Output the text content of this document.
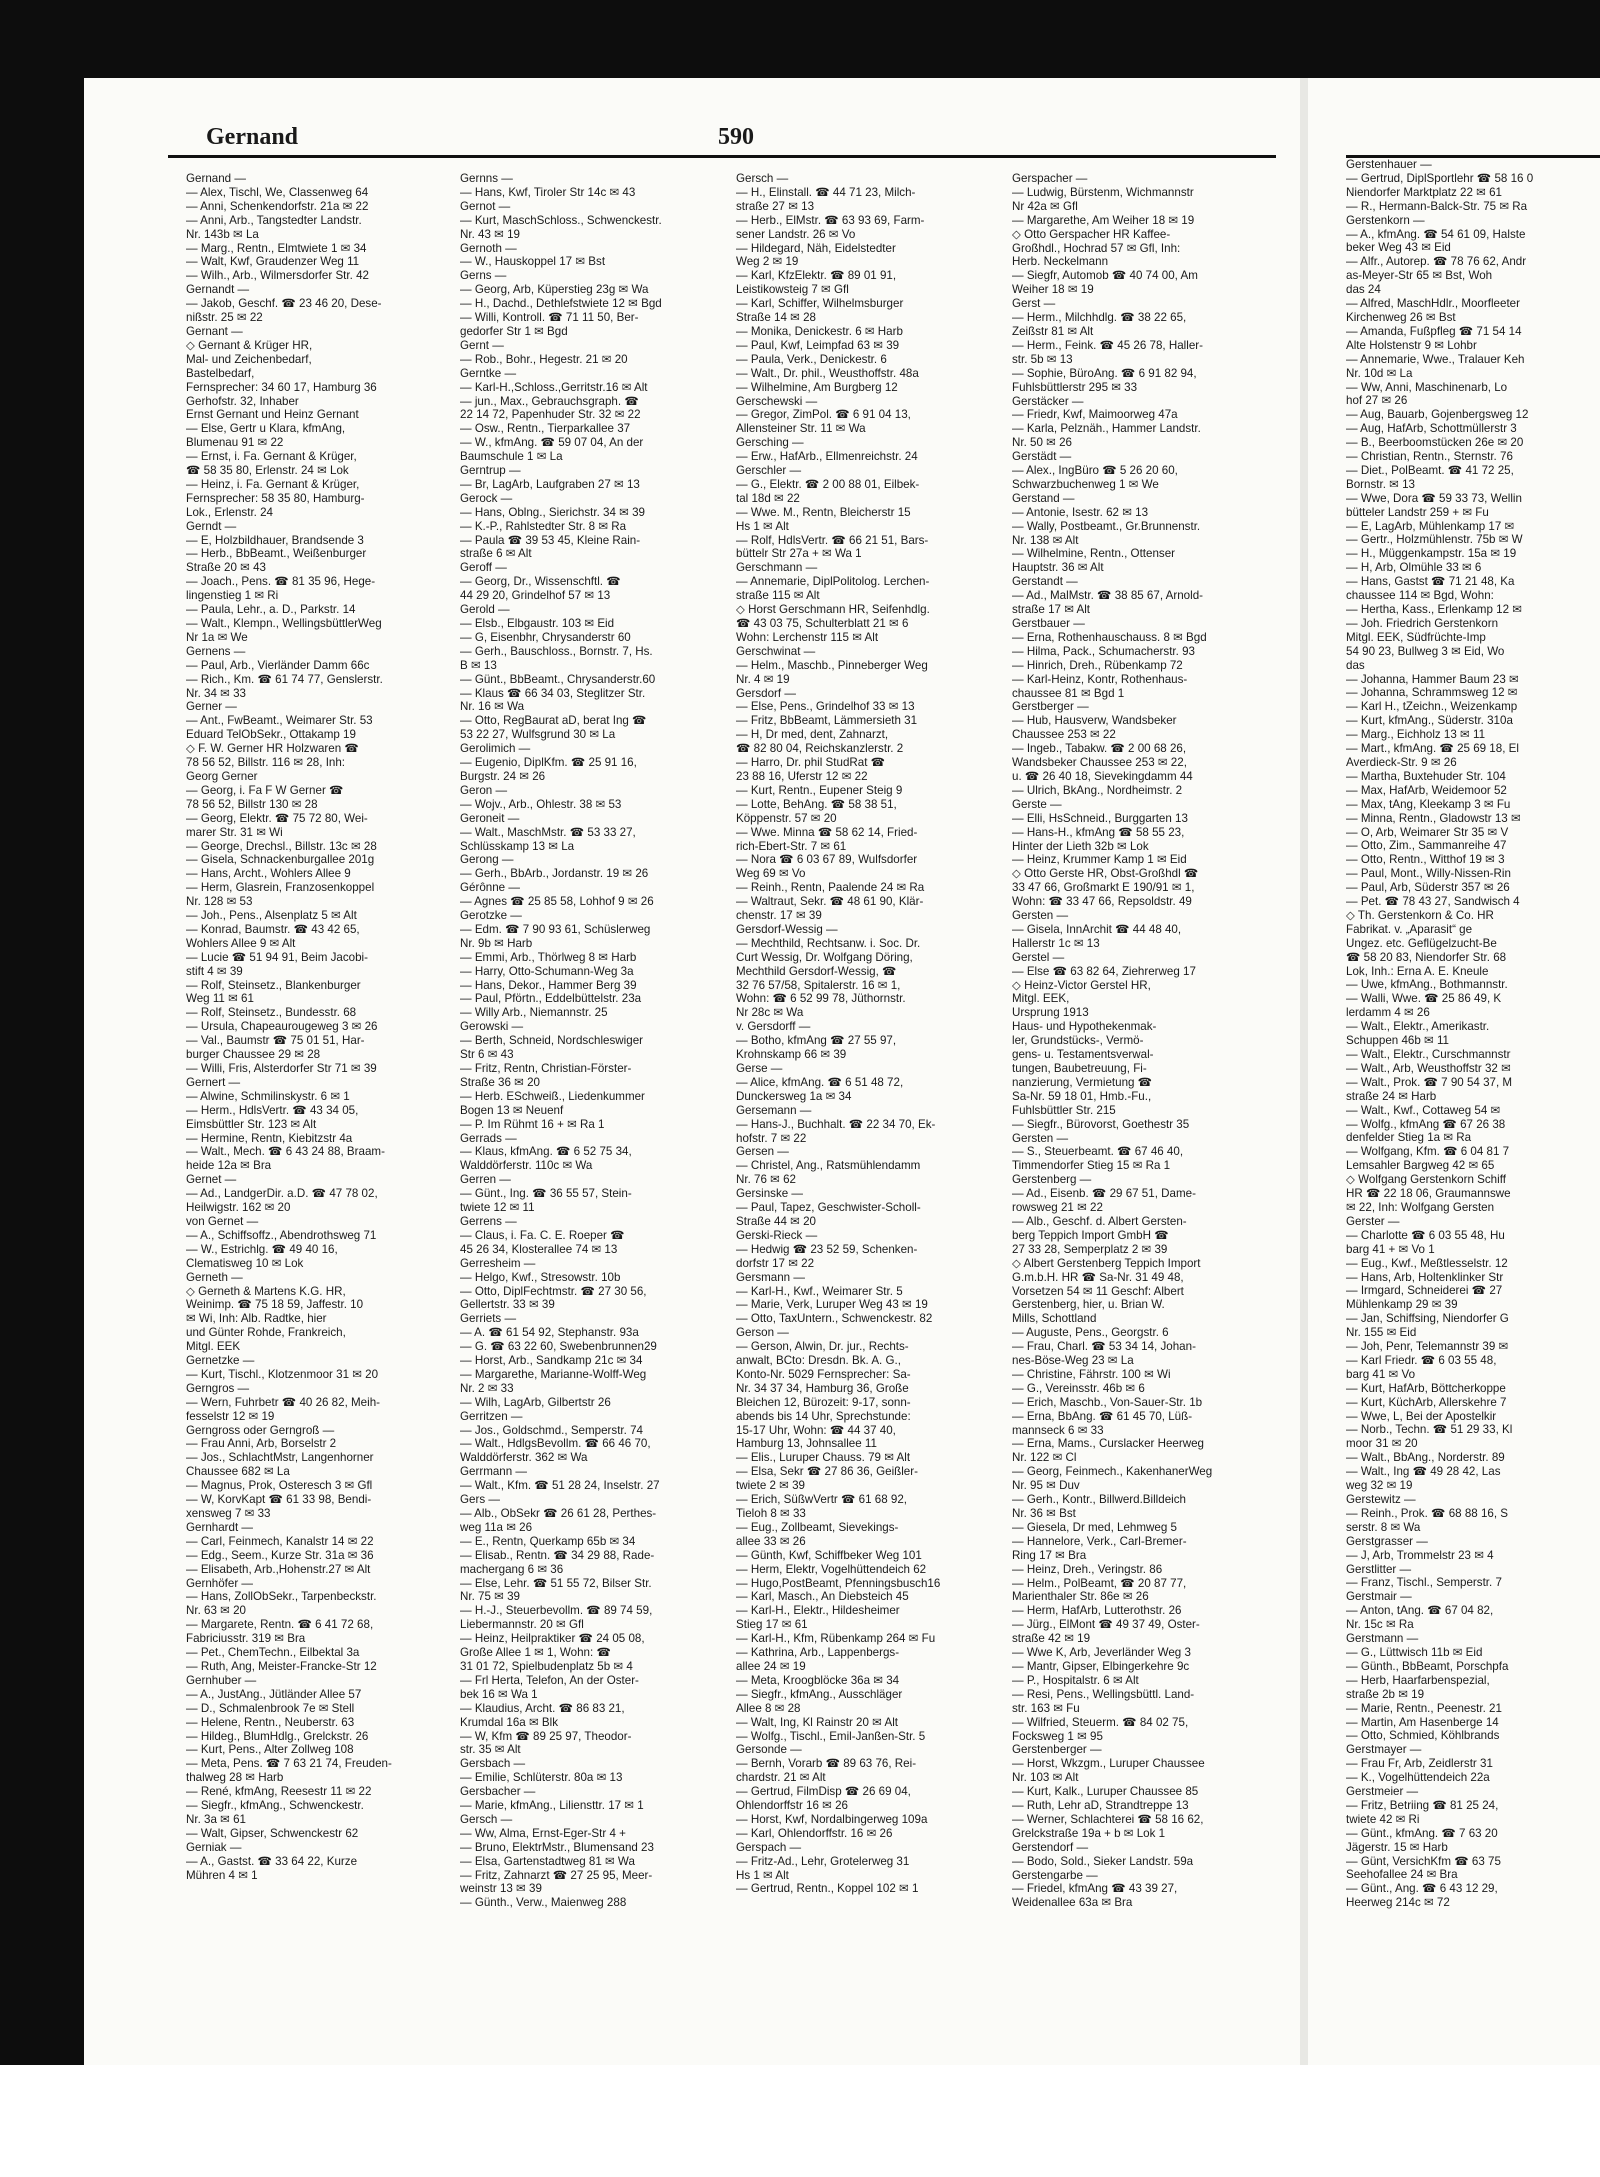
Gernand	590
Gernand —
— Alex, Tischl, We, Classenweg 64
— Anni, Schenkendorfstr. 21a ✉ 22
— Anni, Arb., Tangstedter Landstr.
Nr. 143b ✉ La
— Marg., Rentn., Elmtwiete 1 ✉ 34
— Walt, Kwf, Graudenzer Weg 11
— Wilh., Arb., Wilmersdorfer Str. 42
Gernandt —
— Jakob, Geschf. ☎ 23 46 20, Dese-
nißstr. 25 ✉ 22
Gernant —
◇ Gernant & Krüger HR,
Mal- und Zeichenbedarf,
Bastelbedarf,
Fernsprecher: 34 60 17, Hamburg 36
Gerhofstr. 32, Inhaber
Ernst Gernant und Heinz Gernant
— Else, Gertr u Klara, kfmAng,
Blumenau 91 ✉ 22
— Ernst, i. Fa. Gernant & Krüger,
☎ 58 35 80, Erlenstr. 24 ✉ Lok
— Heinz, i. Fa. Gernant & Krüger,
Fernsprecher: 58 35 80, Hamburg-
Lok., Erlenstr. 24
Gerndt —
— E, Holzbildhauer, Brandsende 3
— Herb., BbBeamt., Weißenburger
Straße 20 ✉ 43
— Joach., Pens. ☎ 81 35 96, Hege-
lingenstieg 1 ✉ Ri
— Paula, Lehr., a. D., Parkstr. 14
— Walt., Klempn., WellingsbüttlerWeg
Nr 1a ✉ We
Gernens —
— Paul, Arb., Vierländer Damm 66c
— Rich., Km. ☎ 61 74 77, Genslerstr.
Nr. 34 ✉ 33
Gerner —
— Ant., FwBeamt., Weimarer Str. 53
Eduard TelObSekr., Ottakamp 19
◇ F. W. Gerner HR Holzwaren ☎
78 56 52, Billstr. 116 ✉ 28, Inh:
Georg Gerner
— Georg, i. Fa F W Gerner ☎
78 56 52, Billstr 130 ✉ 28
— Georg, Elektr. ☎ 75 72 80, Wei-
marer Str. 31 ✉ Wi
— George, Drechsl., Billstr. 13c ✉ 28
— Gisela, Schnackenburgallee 201g
— Hans, Archt., Wohlers Allee 9
— Herm, Glasrein, Franzosenkoppel
Nr. 128 ✉ 53
— Joh., Pens., Alsenplatz 5 ✉ Alt
— Konrad, Baumstr. ☎ 43 42 65,
Wohlers Allee 9 ✉ Alt
— Lucie ☎ 51 94 91, Beim Jacobi-
stift 4 ✉ 39
— Rolf, Steinsetz., Blankenburger
Weg 11 ✉ 61
— Rolf, Steinsetz., Bundesstr. 68
— Ursula, Chapeaurougeweg 3 ✉ 26
— Val., Baumstr ☎ 75 01 51, Har-
burger Chaussee 29 ✉ 28
— Willi, Fris, Alsterdorfer Str 71 ✉ 39
Gernert —
— Alwine, Schmilinskystr. 6 ✉ 1
— Herm., HdlsVertr. ☎ 43 34 05,
Eimsbüttler Str. 123 ✉ Alt
— Hermine, Rentn, Kiebitzstr 4a
— Walt., Mech. ☎ 6 43 24 88, Braam-
heide 12a ✉ Bra
Gernet —
— Ad., LandgerDir. a.D. ☎ 47 78 02,
Heilwigstr. 162 ✉ 20
von Gernet —
— A., Schiffsoffz., Abendrothsweg 71
— W., Estrichlg. ☎ 49 40 16,
Clematisweg 10 ✉ Lok
Gerneth —
◇ Gerneth & Martens K.G. HR,
Weinimp. ☎ 75 18 59, Jaffestr. 10
✉ Wi, Inh: Alb. Radtke, hier
und Günter Rohde, Frankreich,
Mitgl. EEK
Gernetzke —
— Kurt, Tischl., Klotzenmoor 31 ✉ 20
Gerngros —
— Wern, Fuhrbetr ☎ 40 26 82, Meih-
fesselstr 12 ✉ 19
Gerngross oder Gerngroß —
— Frau Anni, Arb, Borselstr 2
— Jos., SchlachtMstr, Langenhorner
Chaussee 682 ✉ La
— Magnus, Prok, Osteresch 3 ✉ Gfl
— W, KorvKapt ☎ 61 33 98, Bendi-
xensweg 7 ✉ 33
Gernhardt —
— Carl, Feinmech, Kanalstr 14 ✉ 22
— Edg., Seem., Kurze Str. 31a ✉ 36
— Elisabeth, Arb.,Hohenstr.27 ✉ Alt
Gernhöfer —
— Hans, ZollObSekr., Tarpenbeckstr.
Nr. 63 ✉ 20
— Margarete, Rentn. ☎ 6 41 72 68,
Fabriciusstr. 319 ✉ Bra
— Pet., ChemTechn., Eilbektal 3a
— Ruth, Ang, Meister-Francke-Str 12
Gernhuber —
— A., JustAng., Jütländer Allee 57
— D., Schmalenbrook 7e ✉ Stell
— Helene, Rentn., Neuberstr. 63
— Hildeg., BlumHdlg., Grelckstr. 26
— Kurt, Pens., Alter Zollweg 108
— Meta, Pens. ☎ 7 63 21 74, Freuden-
thalweg 28 ✉ Harb
— René, kfmAng, Reesestr 11 ✉ 22
— Siegfr., kfmAng., Schwenckestr.
Nr. 3a ✉ 61
— Walt, Gipser, Schwenckestr 62
Gerniak —
— A., Gastst. ☎ 33 64 22, Kurze
Mühren 4 ✉ 1
Gernns —
— Hans, Kwf, Tiroler Str 14c ✉ 43
Gernot —
— Kurt, MaschSchloss., Schwenckestr.
Nr. 43 ✉ 19
Gernoth —
— W., Hauskoppel 17 ✉ Bst
Gerns —
— Georg, Arb, Küperstieg 23g ✉ Wa
— H., Dachd., Dethlefstwiete 12 ✉ Bgd
— Willi, Kontroll. ☎ 71 11 50, Ber-
gedorfer Str 1 ✉ Bgd
Gernt —
— Rob., Bohr., Hegestr. 21 ✉ 20
Gerntke —
— Karl-H.,Schloss.,Gerritstr.16 ✉ Alt
— jun., Max., Gebrauchsgraph. ☎
22 14 72, Papenhuder Str. 32 ✉ 22
— Osw., Rentn., Tierparkallee 37
— W., kfmAng. ☎ 59 07 04, An der
Baumschule 1 ✉ La
Gerntrup —
— Br, LagArb, Laufgraben 27 ✉ 13
Gerock —
— Hans, Oblng., Sierichstr. 34 ✉ 39
— K.-P., Rahlstedter Str. 8 ✉ Ra
— Paula ☎ 39 53 45, Kleine Rain-
straße 6 ✉ Alt
Geroff —
— Georg, Dr., Wissenschftl. ☎
44 29 20, Grindelhof 57 ✉ 13
Gerold —
— Elsb., Elbgaustr. 103 ✉ Eid
— G, Eisenbhr, Chrysanderstr 60
— Gerh., Bauschloss., Bornstr. 7, Hs.
B ✉ 13
— Günt., BbBeamt., Chrysanderstr.60
— Klaus ☎ 66 34 03, Steglitzer Str.
Nr. 16 ✉ Wa
— Otto, RegBaurat aD, berat Ing ☎
53 22 27, Wulfsgrund 30 ✉ La
Gerolimich —
— Eugenio, DiplKfm. ☎ 25 91 16,
Burgstr. 24 ✉ 26
Geron —
— Wojv., Arb., Ohlestr. 38 ✉ 53
Geroneit —
— Walt., MaschMstr. ☎ 53 33 27,
Schlüsskamp 13 ✉ La
Gerong —
— Gerh., BbArb., Jordanstr. 19 ✉ 26
Gérônne —
— Agnes ☎ 25 85 58, Lohhof 9 ✉ 26
Gerotzke —
— Edm. ☎ 7 90 93 61, Schüslerweg
Nr. 9b ✉ Harb
— Emmi, Arb., Thörlweg 8 ✉ Harb
— Harry, Otto-Schumann-Weg 3a
— Hans, Dekor., Hammer Berg 39
— Paul, Pförtn., Eddelbüttelstr. 23a
— Willy Arb., Niemannstr. 25
Gerowski —
— Berth, Schneid, Nordschleswiger
Str 6 ✉ 43
— Fritz, Rentn, Christian-Förster-
Straße 36 ✉ 20
— Herb. ESchweiß., Liedenkummer
Bogen 13 ✉ Neuenf
— P. Im Rühmt 16 + ✉ Ra 1
Gerrads —
— Klaus, kfmAng. ☎ 6 52 75 34,
Walddörferstr. 110c ✉ Wa
Gerren —
— Günt., Ing. ☎ 36 55 57, Stein-
twiete 12 ✉ 11
Gerrens —
— Claus, i. Fa. C. E. Roeper ☎
45 26 34, Klosterallee 74 ✉ 13
Gerresheim —
— Helgo, Kwf., Stresowstr. 10b
— Otto, DiplFechtmstr. ☎ 27 30 56,
Gellertstr. 33 ✉ 39
Gerriets —
— A. ☎ 61 54 92, Stephanstr. 93a
— G. ☎ 63 22 60, Swebenbrunnen29
— Horst, Arb., Sandkamp 21c ✉ 34
— Margarethe, Marianne-Wolff-Weg
Nr. 2 ✉ 33
— Wilh, LagArb, Gilbertstr 26
Gerritzen —
— Jos., Goldschmd., Semperstr. 74
— Walt., HdlgsBevollm. ☎ 66 46 70,
Walddörferstr. 362 ✉ Wa
Gerrmann —
— Walt., Kfm. ☎ 51 28 24, Inselstr. 27
Gers —
— Alb., ObSekr ☎ 26 61 28, Perthes-
weg 11a ✉ 26
— E., Rentn, Querkamp 65b ✉ 34
— Elisab., Rentn. ☎ 34 29 88, Rade-
machergang 6 ✉ 36
— Else, Lehr. ☎ 51 55 72, Bilser Str.
Nr. 75 ✉ 39
— H.-J., Steuerbevollm. ☎ 89 74 59,
Liebermannstr. 20 ✉ Gfl
— Heinz, Heilpraktiker ☎ 24 05 08,
Große Allee 1 ✉ 1, Wohn: ☎
31 01 72, Spielbudenplatz 5b ✉ 4
— Frl Herta, Telefon, An der Oster-
bek 16 ✉ Wa 1
— Klaudius, Archt. ☎ 86 83 21,
Krumdal 16a ✉ Blk
— W, Kfm ☎ 89 25 97, Theodor-
str. 35 ✉ Alt
Gersbach —
— Emilie, Schlüterstr. 80a ✉ 13
Gersbacher —
— Marie, kfmAng., Liliensttr. 17 ✉ 1
Gersch —
— Ww, Alma, Ernst-Eger-Str 4 +
— Bruno, ElektrMstr., Blumensand 23
— Elsa, Gartenstadtweg 81 ✉ Wa
— Fritz, Zahnarzt ☎ 27 25 95, Meer-
weinstr 13 ✉ 39
— Günth., Verw., Maienweg 288
Gersch —
— H., Elinstall. ☎ 44 71 23, Milch-
straße 27 ✉ 13
— Herb., ElMstr. ☎ 63 93 69, Farm-
sener Landstr. 26 ✉ Vo
— Hildegard, Näh, Eidelstedter
Weg 2 ✉ 19
— Karl, KfzElektr. ☎ 89 01 91,
Leistikowsteig 7 ✉ Gfl
— Karl, Schiffer, Wilhelmsburger
Straße 14 ✉ 28
— Monika, Denickestr. 6 ✉ Harb
— Paul, Kwf, Leimpfad 63 ✉ 39
— Paula, Verk., Denickestr. 6
— Walt., Dr. phil., Weusthoffstr. 48a
— Wilhelmine, Am Burgberg 12
Gerschewski —
— Gregor, ZimPol. ☎ 6 91 04 13,
Allensteiner Str. 11 ✉ Wa
Gersching —
— Erw., HafArb., Ellmenreichstr. 24
Gerschler —
— G., Elektr. ☎ 2 00 88 01, Eilbek-
tal 18d ✉ 22
— Wwe. M., Rentn, Bleicherstr 15
Hs 1 ✉ Alt
— Rolf, HdlsVertr. ☎ 66 21 51, Bars-
büttelr Str 27a + ✉ Wa 1
Gerschmann —
— Annemarie, DiplPolitolog. Lerchen-
straße 115 ✉ Alt
◇ Horst Gerschmann HR, Seifenhdlg.
☎ 43 03 75, Schulterblatt 21 ✉ 6
Wohn: Lerchenstr 115 ✉ Alt
Gerschwinat —
— Helm., Maschb., Pinneberger Weg
Nr. 4 ✉ 19
Gersdorf —
— Else, Pens., Grindelhof 33 ✉ 13
— Fritz, BbBeamt, Lämmersieth 31
— H, Dr med, dent, Zahnarzt,
☎ 82 80 04, Reichskanzlerstr. 2
— Harro, Dr. phil StudRat ☎
23 88 16, Uferstr 12 ✉ 22
— Kurt, Rentn., Eupener Steig 9
— Lotte, BehAng. ☎ 58 38 51,
Köppenstr. 57 ✉ 20
— Wwe. Minna ☎ 58 62 14, Fried-
rich-Ebert-Str. 7 ✉ 61
— Nora ☎ 6 03 67 89, Wulfsdorfer
Weg 69 ✉ Vo
— Reinh., Rentn, Paalende 24 ✉ Ra
— Waltraut, Sekr. ☎ 48 61 90, Klär-
chenstr. 17 ✉ 39
Gersdorf-Wessig —
— Mechthild, Rechtsanw. i. Soc. Dr.
Curt Wessig, Dr. Wolfgang Döring,
Mechthild Gersdorf-Wessig, ☎
32 76 57/58, Spitalerstr. 16 ✉ 1,
Wohn: ☎ 6 52 99 78, Jüthornstr.
Nr 28c ✉ Wa
v. Gersdorff —
— Botho, kfmAng ☎ 27 55 97,
Krohnskamp 66 ✉ 39
Gerse —
— Alice, kfmAng. ☎ 6 51 48 72,
Dunckersweg 1a ✉ 34
Gersemann —
— Hans-J., Buchhalt. ☎ 22 34 70, Ek-
hofstr. 7 ✉ 22
Gersen —
— Christel, Ang., Ratsmühlendamm
Nr. 76 ✉ 62
Gersinske —
— Paul, Tapez, Geschwister-Scholl-
Straße 44 ✉ 20
Gerski-Rieck —
— Hedwig ☎ 23 52 59, Schenken-
dorfstr 17 ✉ 22
Gersmann —
— Karl-H., Kwf., Weimarer Str. 5
— Marie, Verk, Luruper Weg 43 ✉ 19
— Otto, TaxUntern., Schwenckestr. 82
Gerson —
— Gerson, Alwin, Dr. jur., Rechts-
anwalt, BCto: Dresdn. Bk. A. G.,
Konto-Nr. 5029 Fernsprecher: Sa-
Nr. 34 37 34, Hamburg 36, Große
Bleichen 12, Bürozeit: 9-17, sonn-
abends bis 14 Uhr, Sprechstunde:
15-17 Uhr, Wohn: ☎ 44 37 40,
Hamburg 13, Johnsallee 11
— Elis., Luruper Chauss. 79 ✉ Alt
— Elsa, Sekr ☎ 27 86 36, Geißler-
twiete 2 ✉ 39
— Erich, SüßwVertr ☎ 61 68 92,
Tieloh 8 ✉ 33
— Eug., Zollbeamt, Sievekings-
allee 33 ✉ 26
— Günth, Kwf, Schiffbeker Weg 101
— Herm, Elektr, Vogelhüttendeich 62
— Hugo,PostBeamt, Pfenningsbusch16
— Karl, Masch., An Diebsteich 45
— Karl-H., Elektr., Hildesheimer
Stieg 17 ✉ 61
— Karl-H., Kfm, Rübenkamp 264 ✉ Fu
— Kathrina, Arb., Lappenbergs-
allee 24 ✉ 19
— Meta, Kroogblöcke 36a ✉ 34
— Siegfr., kfmAng., Ausschläger
Allee 8 ✉ 28
— Walt, Ing, Kl Rainstr 20 ✉ Alt
— Wolfg., Tischl., Emil-Janßen-Str. 5
Gersonde —
— Bernh, Vorarb ☎ 89 63 76, Rei-
chardstr. 21 ✉ Alt
— Gertrud, FilmDisp ☎ 26 69 04,
Ohlendorffstr 16 ✉ 26
— Horst, Kwf, Nordalbingerweg 109a
— Karl, Ohlendorffstr. 16 ✉ 26
Gerspach —
— Fritz-Ad., Lehr, Grotelerweg 31
Hs 1 ✉ Alt
— Gertrud, Rentn., Koppel 102 ✉ 1
Gerspacher —
— Ludwig, Bürstenm, Wichmannstr
Nr 42a ✉ Gfl
— Margarethe, Am Weiher 18 ✉ 19
◇ Otto Gerspacher HR Kaffee-
Großhdl., Hochrad 57 ✉ Gfl, Inh:
Herb. Neckelmann
— Siegfr, Automob ☎ 40 74 00, Am
Weiher 18 ✉ 19
Gerst —
— Herm., Milchhdlg. ☎ 38 22 65,
Zeißstr 81 ✉ Alt
— Herm., Feink. ☎ 45 26 78, Haller-
str. 5b ✉ 13
— Sophie, BüroAng. ☎ 6 91 82 94,
Fuhlsbüttlerstr 295 ✉ 33
Gerstäcker —
— Friedr, Kwf, Maimoorweg 47a
— Karla, Pelznäh., Hammer Landstr.
Nr. 50 ✉ 26
Gerstädt —
— Alex., IngBüro ☎ 5 26 20 60,
Schwarzbuchenweg 1 ✉ We
Gerstand —
— Antonie, Isestr. 62 ✉ 13
— Wally, Postbeamt., Gr.Brunnenstr.
Nr. 138 ✉ Alt
— Wilhelmine, Rentn., Ottenser
Hauptstr. 36 ✉ Alt
Gerstandt —
— Ad., MalMstr. ☎ 38 85 67, Arnold-
straße 17 ✉ Alt
Gerstbauer —
— Erna, Rothenhauschauss. 8 ✉ Bgd
— Hilma, Pack., Schumacherstr. 93
— Hinrich, Dreh., Rübenkamp 72
— Karl-Heinz, Kontr, Rothenhaus-
chaussee 81 ✉ Bgd 1
Gerstberger —
— Hub, Hausverw, Wandsbeker
Chaussee 253 ✉ 22
— Ingeb., Tabakw. ☎ 2 00 68 26,
Wandsbeker Chaussee 253 ✉ 22,
u. ☎ 26 40 18, Sievekingdamm 44
— Ulrich, BkAng., Nordheimstr. 2
Gerste —
— Elli, HsSchneid., Burggarten 13
— Hans-H., kfmAng ☎ 58 55 23,
Hinter der Lieth 32b ✉ Lok
— Heinz, Krummer Kamp 1 ✉ Eid
◇ Otto Gerste HR, Obst-Großhdl ☎
33 47 66, Großmarkt E 190/91 ✉ 1,
Wohn: ☎ 33 47 66, Repsoldstr. 49
Gersten —
— Gisela, InnArchit ☎ 44 48 40,
Hallerstr 1c ✉ 13
Gerstel —
— Else ☎ 63 82 64, Ziehrerweg 17
◇ Heinz-Victor Gerstel HR,
Mitgl. EEK,
Ursprung 1913
Haus- und Hypothekenmak-
ler, Grundstücks-, Vermö-
gens- u. Testamentsverwal-
tungen, Baubetreuung, Fi-
nanzierung, Vermietung ☎
Sa-Nr. 59 18 01, Hmb.-Fu.,
Fuhlsbüttler Str. 215
— Siegfr., Bürovorst, Goethestr 35
Gersten —
— S., Steuerbeamt. ☎ 67 46 40,
Timmendorfer Stieg 15 ✉ Ra 1
Gerstenberg —
— Ad., Eisenb. ☎ 29 67 51, Dame-
rowsweg 21 ✉ 22
— Alb., Geschf. d. Albert Gersten-
berg Teppich Import GmbH ☎
27 33 28, Semperplatz 2 ✉ 39
◇ Albert Gerstenberg Teppich Import
G.m.b.H. HR ☎ Sa-Nr. 31 49 48,
Vorsetzen 54 ✉ 11 Geschf: Albert
Gerstenberg, hier, u. Brian W.
Mills, Schottland
— Auguste, Pens., Georgstr. 6
— Frau, Charl. ☎ 53 34 14, Johan-
nes-Böse-Weg 23 ✉ La
— Christine, Fährstr. 100 ✉ Wi
— G., Vereinsstr. 46b ✉ 6
— Erich, Maschb., Von-Sauer-Str. 1b
— Erna, BbAng. ☎ 61 45 70, Lüß-
mannseck 6 ✉ 33
— Erna, Mams., Curslacker Heerweg
Nr. 122 ✉ Cl
— Georg, Feinmech., KakenhanerWeg
Nr. 95 ✉ Duv
— Gerh., Kontr., Billwerd.Billdeich
Nr. 36 ✉ Bst
— Giesela, Dr med, Lehmweg 5
— Hannelore, Verk., Carl-Bremer-
Ring 17 ✉ Bra
— Heinz, Dreh., Veringstr. 86
— Helm., PolBeamt, ☎ 20 87 77,
Marienthaler Str. 86e ✉ 26
— Herm, HafArb, Lutterothstr. 26
— Jürg., ElMont ☎ 49 37 49, Oster-
straße 42 ✉ 19
— Wwe K, Arb, Jeverländer Weg 3
— Mantr, Gipser, Elbingerkehre 9c
— P., Hospitalstr. 6 ✉ Alt
— Resi, Pens., Wellingsbüttl. Land-
str. 163 ✉ Fu
— Wilfried, Steuerm. ☎ 84 02 75,
Focksweg 1 ✉ 95
Gerstenberger —
— Horst, Wkzgm., Luruper Chaussee
Nr. 103 ✉ Alt
— Kurt, Kalk., Luruper Chaussee 85
— Ruth, Lehr aD, Strandtreppe 13
— Werner, Schlachterei ☎ 58 16 62,
Grelckstraße 19a + b ✉ Lok 1
Gerstendorf —
— Bodo, Sold., Sieker Landstr. 59a
Gerstengarbe —
— Friedel, kfmAng ☎ 43 39 27,
Weidenallee 63a ✉ Bra
Gerstenhauer —
— Gertrud, DiplSportlehr ☎ 58 16 0
Niendorfer Marktplatz 22 ✉ 61
— R., Hermann-Balck-Str. 75 ✉ Ra
Gerstenkorn —
— A., kfmAng. ☎ 54 61 09, Halste
beker Weg 43 ✉ Eid
— Alfr., Autorep. ☎ 78 76 62, Andr
as-Meyer-Str 65 ✉ Bst, Woh
das 24
— Alfred, MaschHdlr., Moorfleeter
Kirchenweg 26 ✉ Bst
— Amanda, Fußpfleg ☎ 71 54 14
Alte Holstenstr 9 ✉ Lohbr
— Annemarie, Wwe., Tralauer Keh
Nr. 10d ✉ La
— Ww, Anni, Maschinenarb, Lo
hof 27 ✉ 26
— Aug, Bauarb, Gojenbergsweg 12
— Aug, HafArb, Schottmüllerstr 3
— B., Beerboomstücken 26e ✉ 20
— Christian, Rentn., Sternstr. 76
— Diet., PolBeamt. ☎ 41 72 25,
Bornstr. ✉ 13
— Wwe, Dora ☎ 59 33 73, Wellin
bütteler Landstr 259 + ✉ Fu
— E, LagArb, Mühlenkamp 17 ✉
— Gertr., Holzmühlenstr. 75b ✉ W
— H., Müggenkampstr. 15a ✉ 19
— H, Arb, Olmühle 33 ✉ 6
— Hans, Gastst ☎ 71 21 48, Ka
chaussee 114 ✉ Bgd, Wohn:
— Hertha, Kass., Erlenkamp 12 ✉
— Joh. Friedrich Gerstenkorn
Mitgl. EEK, Südfrüchte-Imp
54 90 23, Bullweg 3 ✉ Eid, Wo
das
— Johanna, Hammer Baum 23 ✉
— Johanna, Schrammsweg 12 ✉
— Karl H., tZeichn., Weizenkamp
— Kurt, kfmAng., Süderstr. 310a
— Marg., Eichholz 13 ✉ 11
— Mart., kfmAng. ☎ 25 69 18, El
Averdieck-Str. 9 ✉ 26
— Martha, Buxtehuder Str. 104
— Max, HafArb, Weidemoor 52
— Max, tAng, Kleekamp 3 ✉ Fu
— Minna, Rentn., Gladowstr 13 ✉
— O, Arb, Weimarer Str 35 ✉ V
— Otto, Zim., Sammanreihe 47
— Otto, Rentn., Witthof 19 ✉ 3
— Paul, Mont., Willy-Nissen-Rin
— Paul, Arb, Süderstr 357 ✉ 26
— Pet. ☎ 78 43 27, Sandwisch 4
◇ Th. Gerstenkorn & Co. HR
Fabrikat. v. „Aparasit“ ge
Ungez. etc. Geflügelzucht-Be
☎ 58 20 83, Niendorfer Str. 68
Lok, Inh.: Erna A. E. Kneule
— Uwe, kfmAng., Bothmannstr.
— Walli, Wwe. ☎ 25 86 49, K
lerdamm 4 ✉ 26
— Walt., Elektr., Amerikastr.
Schuppen 46b ✉ 11
— Walt., Elektr., Curschmannstr
— Walt., Arb, Weusthoffstr 32 ✉
— Walt., Prok. ☎ 7 90 54 37, M
straße 24 ✉ Harb
— Walt., Kwf., Cottaweg 54 ✉
— Wolfg., kfmAng ☎ 67 26 38
denfelder Stieg 1a ✉ Ra
— Wolfgang, Kfm. ☎ 6 04 81 7
Lemsahler Bargweg 42 ✉ 65
◇ Wolfgang Gerstenkorn Schiff
HR ☎ 22 18 06, Graumannswe
✉ 22, Inh: Wolfgang Gersten
Gerster —
— Charlotte ☎ 6 03 55 48, Hu
barg 41 + ✉ Vo 1
— Eug., Kwf., Meßtlesselstr. 12
— Hans, Arb, Holtenklinker Str
— Irmgard, Schneiderei ☎ 27
Mühlenkamp 29 ✉ 39
— Jan, Schiffsing, Niendorfer G
Nr. 155 ✉ Eid
— Joh, Penr, Telemannstr 39 ✉
— Karl Friedr. ☎ 6 03 55 48,
barg 41 ✉ Vo
— Kurt, HafArb, Böttcherkoppe
— Kurt, KüchArb, Allerskehre 7
— Wwe, L, Bei der Apostelkir
— Norb., Techn. ☎ 51 29 33, Kl
moor 31 ✉ 20
— Walt., BbAng., Norderstr. 89
— Walt., Ing ☎ 49 28 42, Las
weg 32 ✉ 19
Gerstewitz —
— Reinh., Prok. ☎ 68 88 16, S
serstr. 8 ✉ Wa
Gerstgrasser —
— J, Arb, Trommelstr 23 ✉ 4
Gerstlitter —
— Franz, Tischl., Semperstr. 7
Gerstmair —
— Anton, tAng. ☎ 67 04 82,
Nr. 15c ✉ Ra
Gerstmann —
— G., Lüttwisch 11b ✉ Eid
— Günth., BbBeamt, Porschpfa
— Herb, Haarfarbenspezial,
straße 2b ✉ 19
— Marie, Rentn., Peenestr. 21
— Martin, Am Hasenberge 14
— Otto, Schmied, Köhlbrands
Gerstmayer —
— Frau Fr, Arb, Zeidlerstr 31
— K., Vogelhüttendeich 22a
Gerstmeier —
— Fritz, Betriing ☎ 81 25 24,
twiete 42 ✉ Ri
— Günt., kfmAng. ☎ 7 63 20
Jägerstr. 15 ✉ Harb
— Günt, VersichKfm ☎ 63 75
Seehofallee 24 ✉ Bra
— Günt., Ang. ☎ 6 43 12 29,
Heerweg 214c ✉ 72
